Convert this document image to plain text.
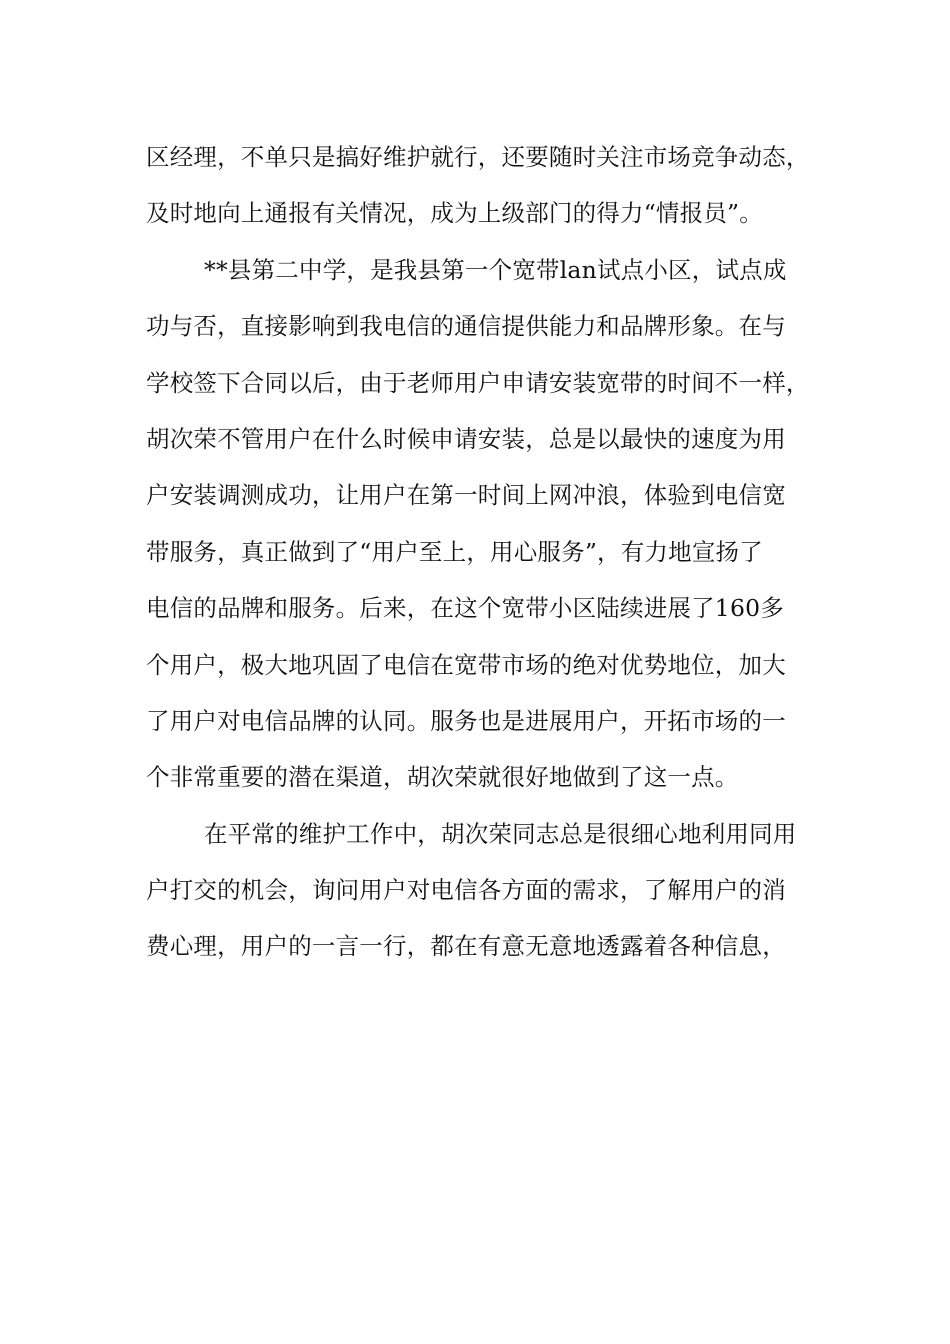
区经理，不单只是搞好维护就行，还要随时关注市场竞争动态，
及时地向上通报有关情况，成为上级部门的得力“情报员”。
**县第二中学，是我县第一个宽带lan试点小区，试点成
功与否，直接影响到我电信的通信提供能力和品牌形象。在与
学校签下合同以后，由于老师用户申请安装宽带的时间不一样，
胡次荣不管用户在什么时候申请安装，总是以最快的速度为用
户安装调测成功，让用户在第一时间上网冲浪，体验到电信宽
带服务，真正做到了“用户至上，用心服务”，有力地宣扬了
电信的品牌和服务。后来，在这个宽带小区陆续进展了160多
个用户，极大地巩固了电信在宽带市场的绝对优势地位，加大
了用户对电信品牌的认同。服务也是进展用户，开拓市场的一
个非常重要的潜在渠道，胡次荣就很好地做到了这一点。
在平常的维护工作中，胡次荣同志总是很细心地利用同用
户打交的机会，询问用户对电信各方面的需求，了解用户的消
费心理，用户的一言一行，都在有意无意地透露着各种信息，
